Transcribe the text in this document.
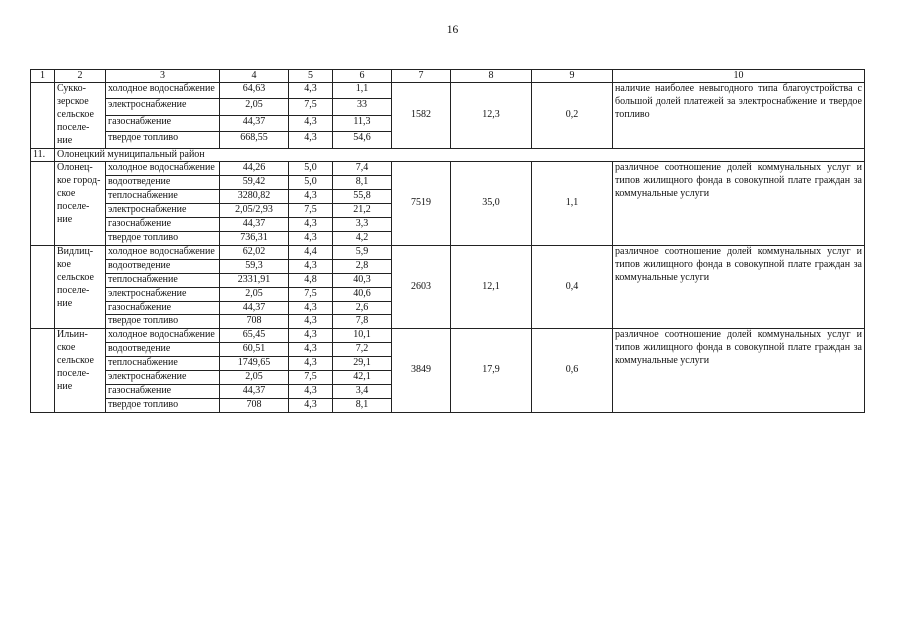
16
1	2	3	4	5	6	7	8	9	10
	Сукко-зерское сельское поселе-ние	холодное водоснабжение	64,63	4,3	1,1	1582	12,3	0,2	наличие наиболее невыгодного типа благоустройства с большой долей платежей за электроснабжение и твердое топливо
		электроснабжение	2,05	7,5	33				
		газоснабжение	44,37	4,3	11,3				
		твердое топливо	668,55	4,3	54,6				
11.	Олонецкий муниципальный район								
	Олонец-кое город-ское поселе-ние	холодное водоснабжение	44,26	5,0	7,4	7519	35,0	1,1	различное соотношение долей коммунальных услуг и типов жилищного фонда в совокупной плате граждан за коммунальные услуги
		водоотведение	59,42	5,0	8,1				
		теплоснабжение	3280,82	4,3	55,8				
		электроснабжение	2,05/2,93	7,5	21,2				
		газоснабжение	44,37	4,3	3,3				
		твердое топливо	736,31	4,3	4,2				
	Видлиц-кое сельское поселе-ние	холодное водоснабжение	62,02	4,4	5,9	2603	12,1	0,4	различное соотношение долей коммунальных услуг и типов жилищного фонда в совокупной плате граждан за коммунальные услуги
		водоотведение	59,3	4,3	2,8				
		теплоснабжение	2331,91	4,8	40,3				
		электроснабжение	2,05	7,5	40,6				
		газоснабжение	44,37	4,3	2,6				
		твердое топливо	708	4,3	7,8				
	Ильин-ское сельское поселе-ние	холодное водоснабжение	65,45	4,3	10,1	3849	17,9	0,6	различное соотношение долей коммунальных услуг и типов жилищного фонда в совокупной плате граждан за коммунальные услуги
		водоотведение	60,51	4,3	7,2				
		теплоснабжение	1749,65	4,3	29,1				
		электроснабжение	2,05	7,5	42,1				
		газоснабжение	44,37	4,3	3,4				
		твердое топливо	708	4,3	8,1				
